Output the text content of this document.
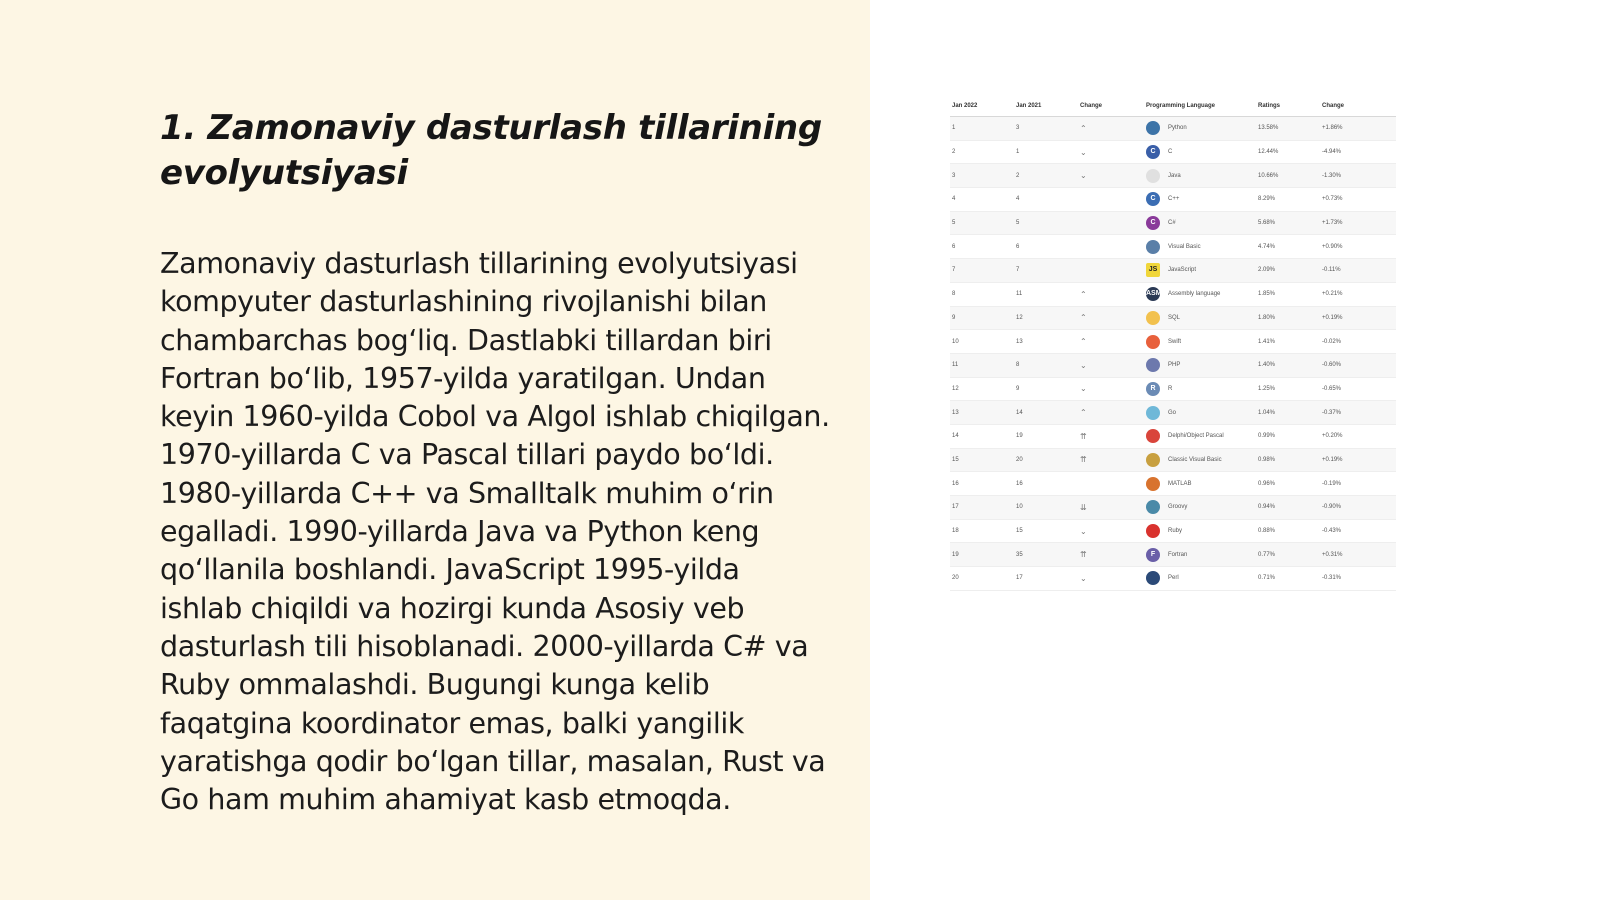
1. Zamonaviy dasturlash tillarining evolyutsiyasi

Zamonaviy dasturlash tillarining evolyutsiyasi kompyuter dasturlashining rivojlanishi bilan chambarchas bog‘liq. Dastlabki tillardan biri Fortran bo‘lib, 1957-yilda yaratilgan. Undan keyin 1960-yilda Cobol va Algol ishlab chiqilgan. 1970-yillarda C va Pascal tillari paydo bo‘ldi. 1980-yillarda C++ va Smalltalk muhim o‘rin egalladi. 1990-yillarda Java va Python keng qo‘llanila boshlandi. JavaScript 1995-yilda ishlab chiqildi va hozirgi kunda Asosiy veb dasturlash tili hisoblanadi. 2000-yillarda C# va Ruby ommalashdi. Bugungi kunga kelib faqatgina koordinator emas, balki yangilik yaratishga qodir bo‘lgan tillar, masalan, Rust va Go ham muhim ahamiyat kasb etmoqda.

Jan 2022	Jan 2021	Change	Programming Language	Ratings	Change
1	3	⌃	Python	13.58%	+1.86%
2	1	⌄	C C	12.44%	-4.94%
3	2	⌄	Java	10.66%	-1.30%
4	4		C C++	8.29%	+0.73%
5	5		C C#	5.68%	+1.73%
6	6		Visual Basic	4.74%	+0.90%
7	7		JS JavaScript	2.09%	-0.11%
8	11	⌃	ASM Assembly language	1.85%	+0.21%
9	12	⌃	SQL	1.80%	+0.19%
10	13	⌃	Swift	1.41%	-0.02%
11	8	⌄	PHP	1.40%	-0.60%
12	9	⌄	R R	1.25%	-0.65%
13	14	⌃	Go	1.04%	-0.37%
14	19	⇈	Delphi/Object Pascal	0.99%	+0.20%
15	20	⇈	Classic Visual Basic	0.98%	+0.19%
16	16		MATLAB	0.96%	-0.19%
17	10	⇊	Groovy	0.94%	-0.90%
18	15	⌄	Ruby	0.88%	-0.43%
19	35	⇈	F Fortran	0.77%	+0.31%
20	17	⌄	Perl	0.71%	-0.31%
